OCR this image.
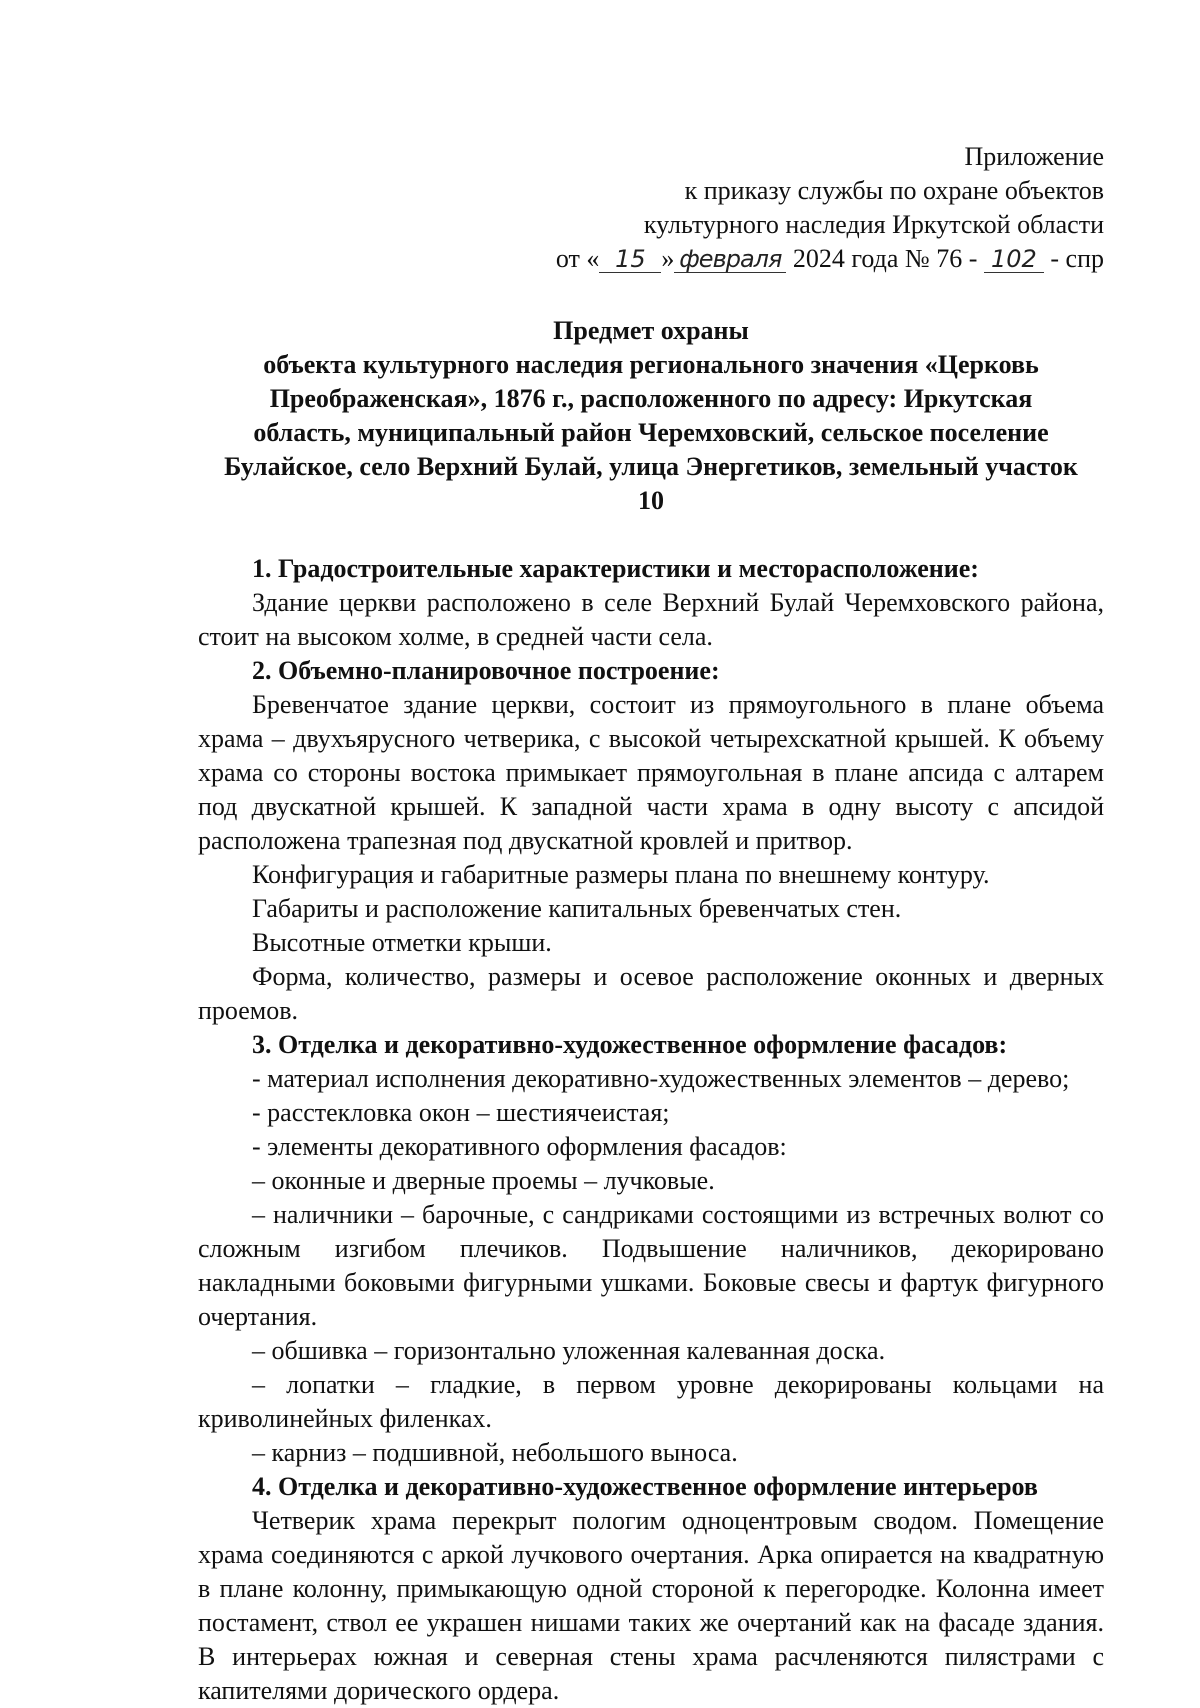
Приложение
к приказу службы по охране объектов
культурного наследия Иркутской области
от « 15 » февраля 2024 года № 76 - 102 - спр
Предмет охраны
объекта культурного наследия регионального значения «Церковь
Преображенская», 1876 г., расположенного по адресу: Иркутская
область, муниципальный район Черемховский, сельское поселение
Булайское, село Верхний Булай, улица Энергетиков, земельный участок
10

1. Градостроительные характеристики и месторасположение:

Здание церкви расположено в селе Верхний Булай Черемховского района, стоит на высоком холме, в средней части села.

2. Объемно-планировочное построение:

Бревенчатое здание церкви, состоит из прямоугольного в плане объема храма – двухъярусного четверика, с высокой четырехскатной крышей. К объему храма со стороны востока примыкает прямоугольная в плане апсида с алтарем под двускатной крышей. К западной части храма в одну высоту с апсидой расположена трапезная под двускатной кровлей и притвор.

Конфигурация и габаритные размеры плана по внешнему контуру.

Габариты и расположение капитальных бревенчатых стен.

Высотные отметки крыши.

Форма, количество, размеры и осевое расположение оконных и дверных проемов.

3. Отделка и декоративно-художественное оформление фасадов:

- материал исполнения декоративно-художественных элементов – дерево;

- расстекловка окон – шестиячеистая;

- элементы декоративного оформления фасадов:

– оконные и дверные проемы – лучковые.

– наличники – барочные, с сандриками состоящими из встречных волют со сложным изгибом плечиков. Подвышение наличников, декорировано накладными боковыми фигурными ушками. Боковые свесы и фартук фигурного очертания.

– обшивка – горизонтально уложенная калеванная доска.

– лопатки – гладкие, в первом уровне декорированы кольцами на криволинейных филенках.

– карниз – подшивной, небольшого выноса.

4. Отделка и декоративно-художественное оформление интерьеров

Четверик храма перекрыт пологим одноцентровым сводом. Помещение храма соединяются с аркой лучкового очертания. Арка опирается на квадратную в плане колонну, примыкающую одной стороной к перегородке. Колонна имеет постамент, ствол ее украшен нишами таких же очертаний как на фасаде здания. В интерьерах южная и северная стены храма расчленяются пилястрами с капителями дорического ордера.
